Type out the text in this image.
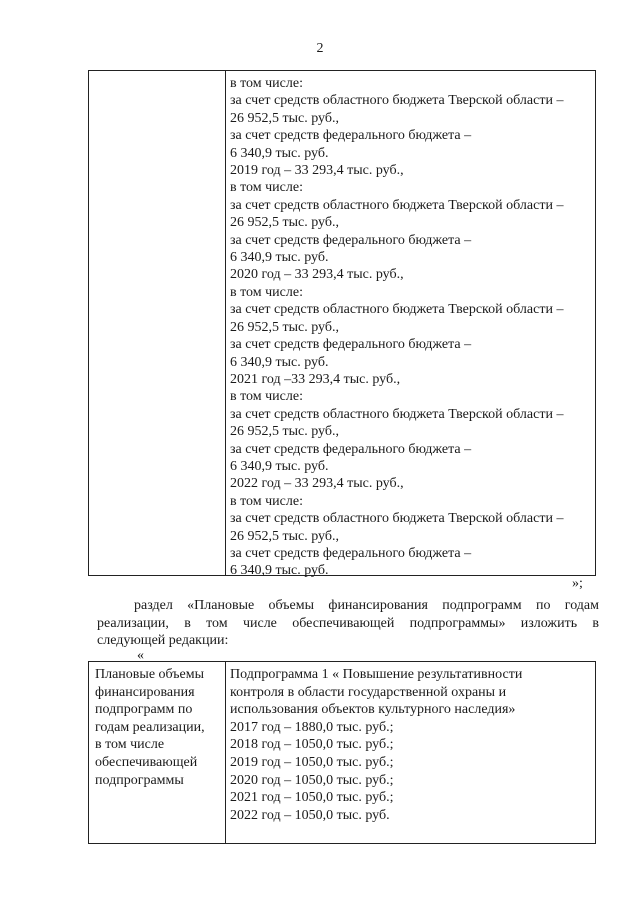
2
в том числе:
за счет средств областного бюджета Тверской области –
26 952,5 тыс. руб.,
за счет средств федерального бюджета –
6 340,9 тыс. руб.
2019 год – 33 293,4 тыс. руб.,
в том числе:
за счет средств областного бюджета Тверской области –
26 952,5 тыс. руб.,
за счет средств федерального бюджета –
6 340,9 тыс. руб.
2020 год – 33 293,4 тыс. руб.,
в том числе:
за счет средств областного бюджета Тверской области –
26 952,5 тыс. руб.,
за счет средств федерального бюджета –
6 340,9 тыс. руб.
2021 год –33 293,4 тыс. руб.,
в том числе:
за счет средств областного бюджета Тверской области –
26 952,5 тыс. руб.,
за счет средств федерального бюджета –
6 340,9 тыс. руб.
2022 год – 33 293,4 тыс. руб.,
в том числе:
за счет средств областного бюджета Тверской области –
26 952,5 тыс. руб.,
за счет средств федерального бюджета –
6 340,9 тыс. руб.
»;
раздел «Плановые объемы финансирования подпрограмм по годам
реализации, в том числе обеспечивающей подпрограммы» изложить в
следующей редакции:
«
Плановые объемы
финансирования
подпрограмм по
годам реализации,
в том числе
обеспечивающей
подпрограммы
Подпрограмма 1 « Повышение результативности
контроля в области государственной охраны и
использования объектов культурного наследия»
2017 год – 1880,0 тыс. руб.;
2018 год – 1050,0 тыс. руб.;
2019 год – 1050,0 тыс. руб.;
2020 год – 1050,0 тыс. руб.;
2021 год – 1050,0 тыс. руб.;
2022 год – 1050,0 тыс. руб.
